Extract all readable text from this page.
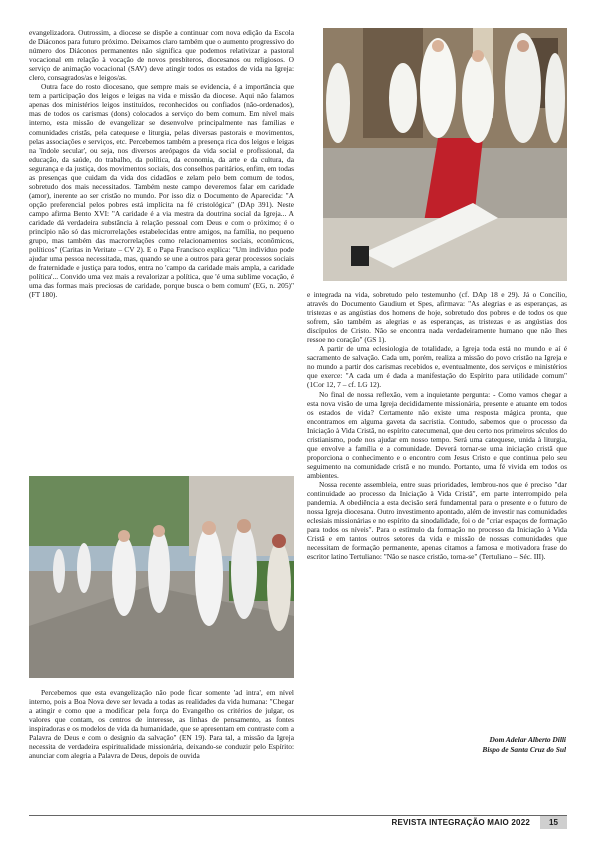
evangelizadora. Outrossim, a diocese se dispõe a continuar com nova edição da Escola de Diáconos para futuro próximo. Deixamos claro também que o aumento progressivo do número dos Diáconos permanentes não significa que podemos relativizar a pastoral vocacional em relação à vocação de novos presbíteros, diocesanos ou religiosos. O serviço de animação vocacional (SAV) deve atingir todos os estados de vida na Igreja: clero, consagrados/as e leigos/as.

Outra face do rosto diocesano, que sempre mais se evidencia, é a importância que tem a participação dos leigos e leigas na vida e missão da diocese. Aqui não falamos apenas dos ministérios leigos instituídos, reconhecidos ou confiados (não-ordenados), mas de todos os carismas (dons) colocados a serviço do bem comum. Em nível mais interno, esta missão de evangelizar se desenvolve principalmente nas famílias e comunidades cristãs, pela catequese e liturgia, pelas diversas pastorais e movimentos, pelas associações e serviços, etc. Percebemos também a presença rica dos leigos e leigas na 'índole secular', ou seja, nos diversos areópagos da vida social e profissional, da educação, da saúde, do trabalho, da política, da economia, da arte e da cultura, da segurança e da justiça, dos movimentos sociais, dos conselhos paritários, enfim, em todas as presenças que cuidam da vida dos cidadãos e zelam pelo bem comum de todos, sobretudo dos mais necessitados. Também neste campo deveremos falar em caridade (amor), inerente ao ser cristão no mundo. Por isso diz o Documento de Aparecida: "A opção preferencial pelos pobres está implícita na fé cristológica" (DAp 391). Neste campo afirma Bento XVI: "A caridade é a via mestra da doutrina social da Igreja... A caridade dá verdadeira substância à relação pessoal com Deus e com o próximo; é o princípio não só das microrrelações estabelecidas entre amigos, na família, no pequeno grupo, mas também das macrorrelações como relacionamentos sociais, econômicos, políticos" (Caritas in Veritate – CV 2). E o Papa Francisco explica: "Um indivíduo pode ajudar uma pessoa necessitada, mas, quando se une a outros para gerar processos sociais de fraternidade e justiça para todos, entra no 'campo da caridade mais ampla, a caridade política'... Convido uma vez mais a revalorizar a política, que 'é uma sublime vocação, é uma das formas mais preciosas de caridade, porque busca o bem comum' (EG, n. 205)" (FT 180).

Percebemos que esta evangelização não pode ficar somente 'ad intra', em nível interno, pois a Boa Nova deve ser levada a todas as realidades da vida humana: "Chegar a atingir e como que a modificar pela força do Evangelho os critérios de julgar, os valores que contam, os centros de interesse, as linhas de pensamento, as fontes inspiradoras e os modelos de vida da humanidade, que se apresentam em contraste com a Palavra de Deus e com o desígnio da salvação" (EN 19). Para tal, a missão da Igreja necessita de verdadeira espiritualidade missionária, deixando-se conduzir pelo Espírito: anunciar com alegria a Palavra de Deus, depois de ouvida

e integrada na vida, sobretudo pelo testemunho (cf. DAp 18 e 29). Já o Concílio, através do Documento Gaudium et Spes, afirmava: "As alegrias e as esperanças, as tristezas e as angústias dos homens de hoje, sobretudo dos pobres e de todos os que sofrem, são também as alegrias e as esperanças, as tristezas e as angústias dos discípulos de Cristo. Não se encontra nada verdadeiramente humano que não lhes ressoe no coração" (GS 1).

A partir de uma eclesiologia de totalidade, a Igreja toda está no mundo e aí é sacramento de salvação. Cada um, porém, realiza a missão do povo cristão na Igreja e no mundo a partir dos carismas recebidos e, eventualmente, dos serviços e ministérios que exerce: "A cada um é dada a manifestação do Espírito para utilidade comum" (1Cor 12, 7 – cf. LG 12).

No final de nossa reflexão, vem a inquietante pergunta: - Como vamos chegar a esta nova visão de uma Igreja decididamente missionária, presente e atuante em todos os estados de vida? Certamente não existe uma resposta mágica pronta, que encontramos em alguma gaveta da sacristia. Contudo, sabemos que o processo da Iniciação à Vida Cristã, no espírito catecumenal, que deu certo nos primeiros séculos do cristianismo, pode nos ajudar em nosso tempo. Será uma catequese, unida à liturgia, que envolve a família e a comunidade. Deverá tornar-se uma iniciação cristã que proporciona o conhecimento e o encontro com Jesus Cristo e que continua pelo seu seguimento na comunidade cristã e no mundo. Portanto, uma fé vivida em todos os ambientes.

Nossa recente assembleia, entre suas prioridades, lembrou-nos que é preciso "dar continuidade ao processo da Iniciação à Vida Cristã", em parte interrompido pela pandemia. A obediência a esta decisão será fundamental para o presente e o futuro de nossa Igreja diocesana. Outro investimento apontado, além de investir nas comunidades eclesiais missionárias e no espírito da sinodalidade, foi o de "criar espaços de formação para todos os níveis". Para o estímulo da formação no processo da Iniciação à Vida Cristã e em tantos outros setores da vida e missão de nossas comunidades que necessitam de formação permanente, apenas citamos a famosa e motivadora frase do escritor latino Tertuliano: "Não se nasce cristão, torna-se" (Tertuliano – Séc. III).

Dom Adelar Alberto Dilli
Bispo de Santa Cruz do Sul
REVISTA INTEGRAÇÃO MAIO 2022	15
